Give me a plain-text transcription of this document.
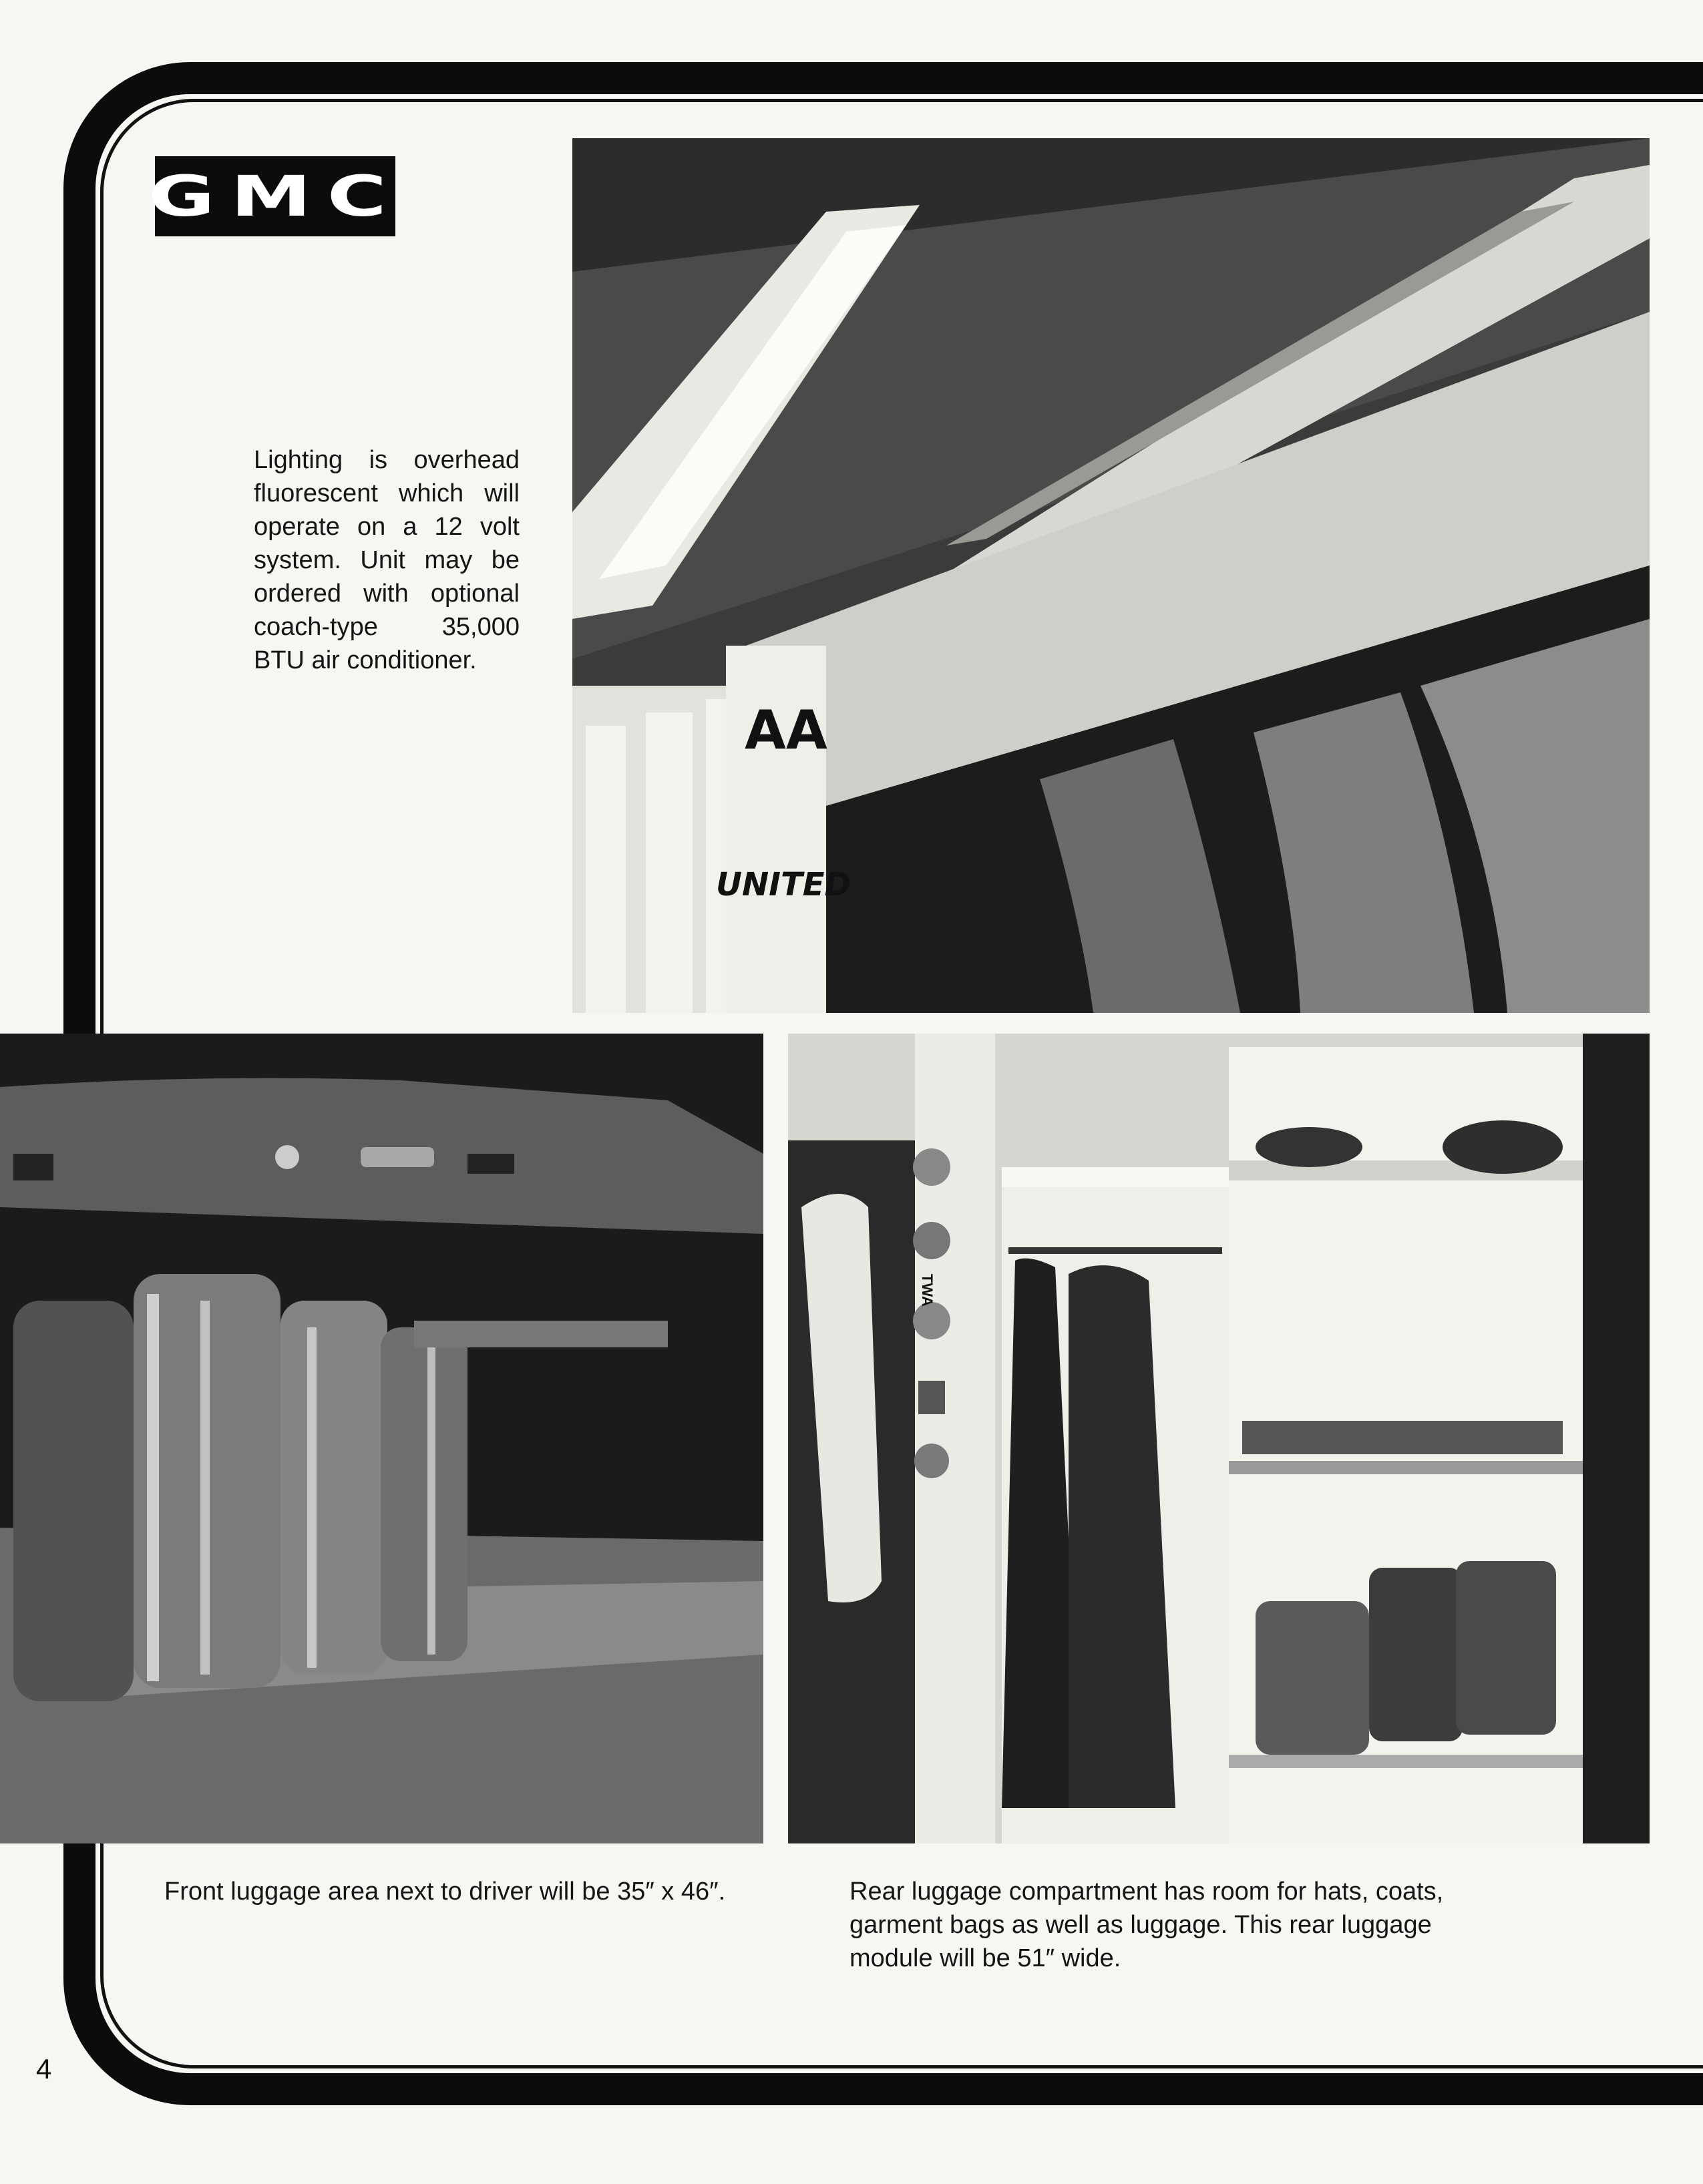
GMC
Lighting is overhead fluorescent which will operate on a 12 volt system. Unit may be ordered with optional coach-type 35,000 BTU air conditioner.
AA
UNITED
TWA
Front luggage area next to driver will be 35″ x 46″.	Rear luggage compartment has room for hats, coats, garment bags as well as luggage. This rear luggage module will be 51″ wide.
4
